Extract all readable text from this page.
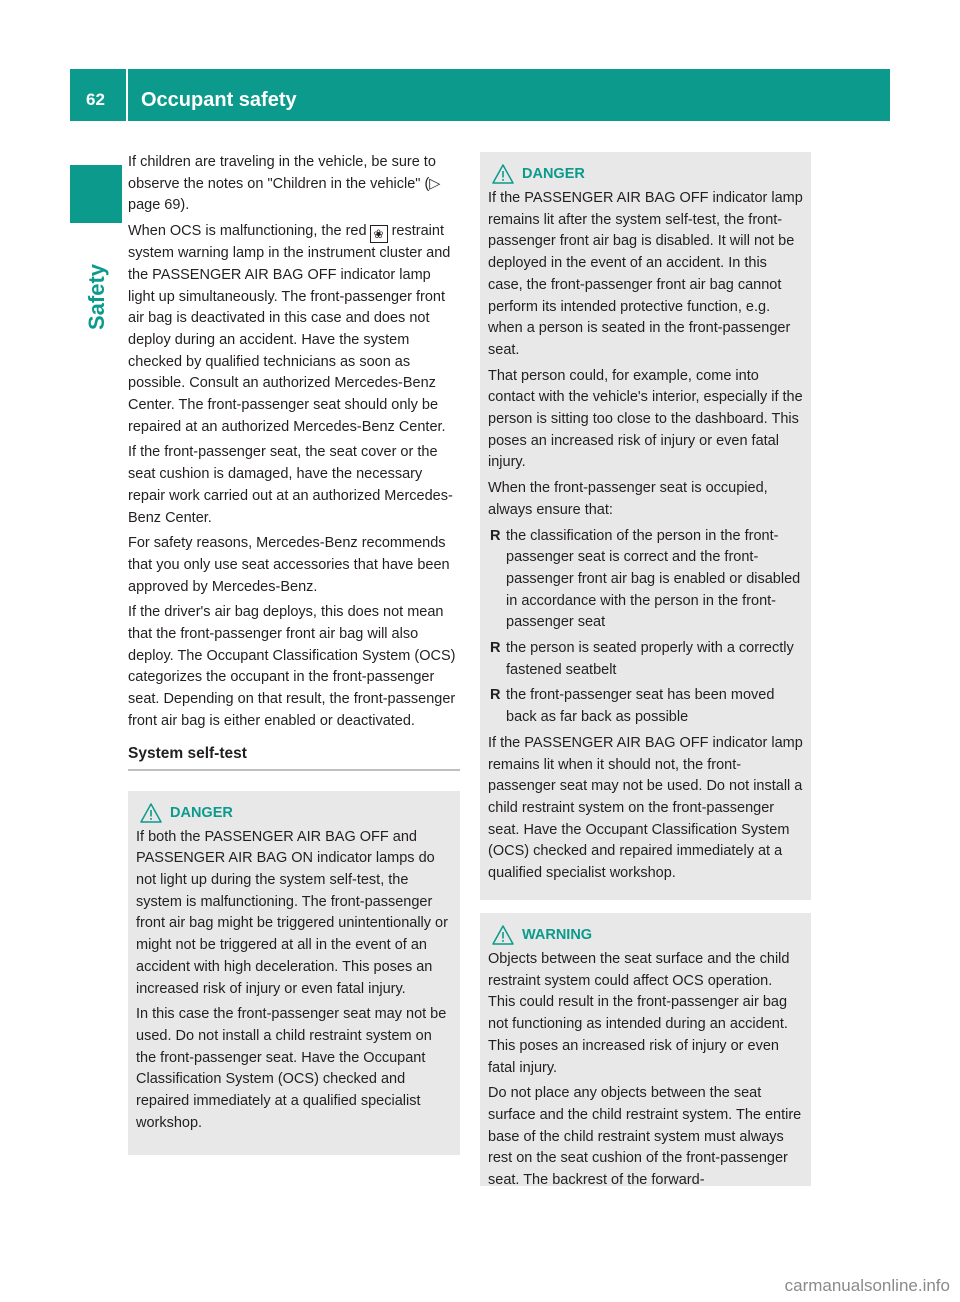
62 Occupant safety
Safety

If children are traveling in the vehicle, be sure to observe the notes on "Children in the vehicle" (▷ page 69).

When OCS is malfunctioning, the red ❀ restraint system warning lamp in the instrument cluster and the PASSENGER AIR BAG OFF indicator lamp light up simultaneously. The front-passenger front air bag is deactivated in this case and does not deploy during an accident. Have the system checked by qualified technicians as soon as possible. Consult an authorized Mercedes-Benz Center. The front-passenger seat should only be repaired at an authorized Mercedes-Benz Center.

If the front-passenger seat, the seat cover or the seat cushion is damaged, have the necessary repair work carried out at an authorized Mercedes-Benz Center.

For safety reasons, Mercedes-Benz recommends that you only use seat accessories that have been approved by Mercedes-Benz.

If the driver's air bag deploys, this does not mean that the front-passenger front air bag will also deploy. The Occupant Classification System (OCS) categorizes the occupant in the front-passenger seat. Depending on that result, the front-passenger front air bag is either enabled or deactivated.

System self-test
DANGER

If both the PASSENGER AIR BAG OFF and PASSENGER AIR BAG ON indicator lamps do not light up during the system self-test, the system is malfunctioning. The front-passenger front air bag might be triggered unintentionally or might not be triggered at all in the event of an accident with high deceleration. This poses an increased risk of injury or even fatal injury.

In this case the front-passenger seat may not be used. Do not install a child restraint system on the front-passenger seat. Have the Occupant Classification System (OCS) checked and repaired immediately at a qualified specialist workshop.

DANGER

If the PASSENGER AIR BAG OFF indicator lamp remains lit after the system self-test, the front-passenger front air bag is disabled. It will not be deployed in the event of an accident. In this case, the front-passenger front air bag cannot perform its intended protective function, e.g. when a person is seated in the front-passenger seat.

That person could, for example, come into contact with the vehicle's interior, especially if the person is sitting too close to the dashboard. This poses an increased risk of injury or even fatal injury.

When the front-passenger seat is occupied, always ensure that:

R the classification of the person in the front-passenger seat is correct and the front-passenger front air bag is enabled or disabled in accordance with the person in the front-passenger seat
R the person is seated properly with a correctly fastened seatbelt
R the front-passenger seat has been moved back as far back as possible

If the PASSENGER AIR BAG OFF indicator lamp remains lit when it should not, the front-passenger seat may not be used. Do not install a child restraint system on the front-passenger seat. Have the Occupant Classification System (OCS) checked and repaired immediately at a qualified specialist workshop.

WARNING

Objects between the seat surface and the child restraint system could affect OCS operation. This could result in the front-passenger air bag not functioning as intended during an accident. This poses an increased risk of injury or even fatal injury.

Do not place any objects between the seat surface and the child restraint system. The entire base of the child restraint system must always rest on the seat cushion of the front-passenger seat. The backrest of the forward-

carmanualsonline.info
